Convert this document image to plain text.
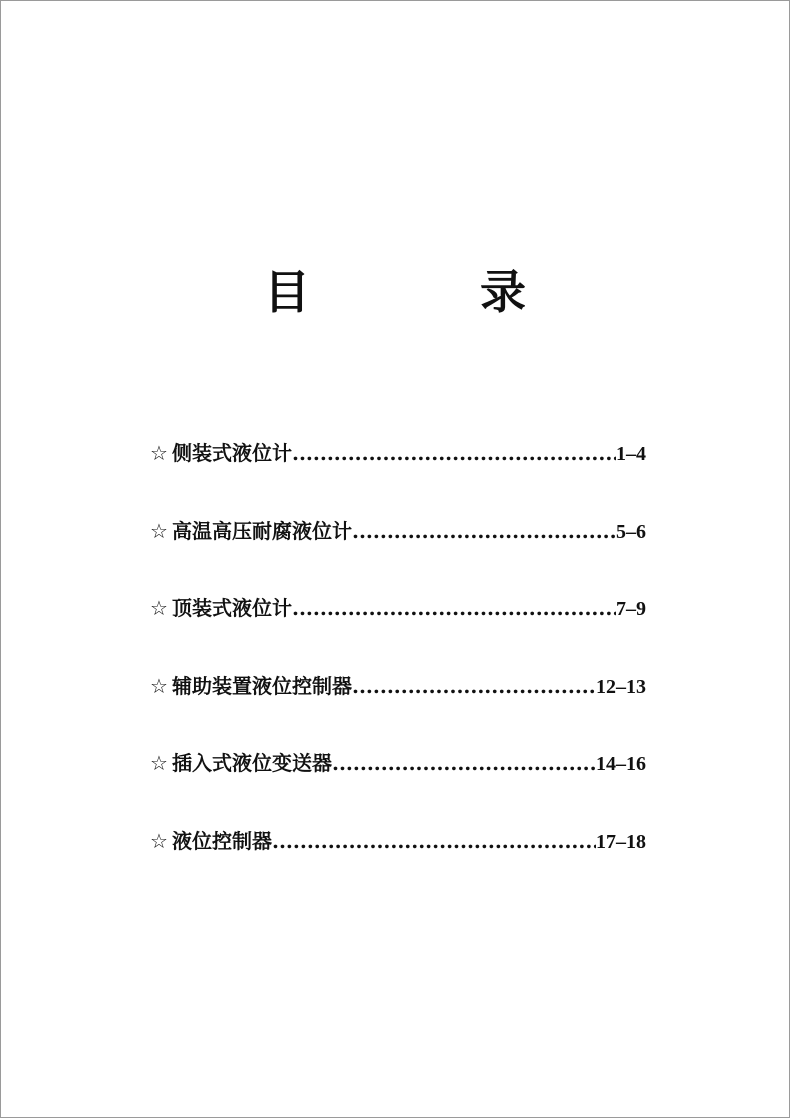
目　录
☆ 侧装式液位计 .....	1–4
☆ 高温高压耐腐液位计 .....	5–6
☆ 顶装式液位计 .....	7–9
☆ 辅助装置液位控制器 .....	12–13
☆ 插入式液位变送器 .....	14–16
☆ 液位控制器 .....	17–18
